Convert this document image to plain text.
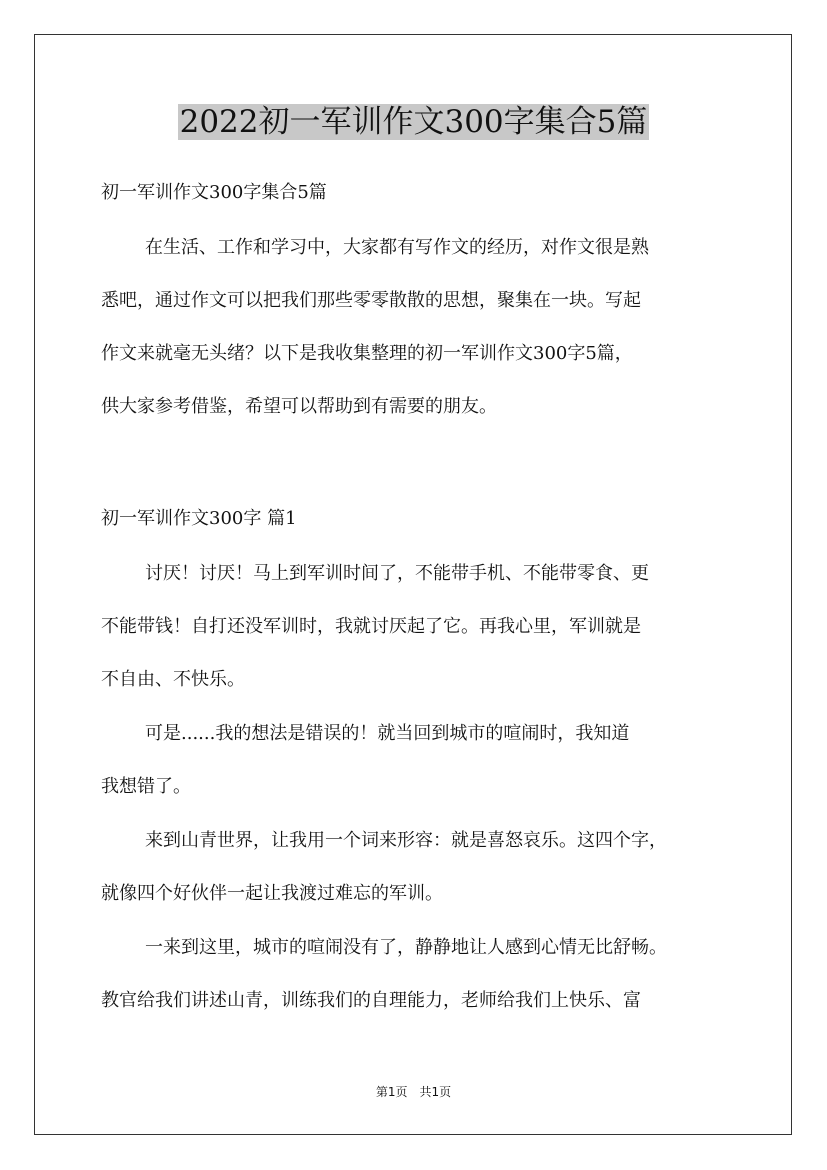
2022初一军训作文300字集合5篇
初一军训作文300字集合5篇
在生活、工作和学习中，大家都有写作文的经历，对作文很是熟
悉吧，通过作文可以把我们那些零零散散的思想，聚集在一块。写起
作文来就毫无头绪？以下是我收集整理的初一军训作文300字5篇，
供大家参考借鉴，希望可以帮助到有需要的朋友。
初一军训作文300字 篇1
讨厌！讨厌！马上到军训时间了，不能带手机、不能带零食、更
不能带钱！自打还没军训时，我就讨厌起了它。再我心里，军训就是
不自由、不快乐。
可是......我的想法是错误的！就当回到城市的喧闹时，我知道
我想错了。
来到山青世界，让我用一个词来形容：就是喜怒哀乐。这四个字，
就像四个好伙伴一起让我渡过难忘的军训。
一来到这里，城市的喧闹没有了，静静地让人感到心情无比舒畅。
教官给我们讲述山青，训练我们的自理能力，老师给我们上快乐、富
第1页 共1页
